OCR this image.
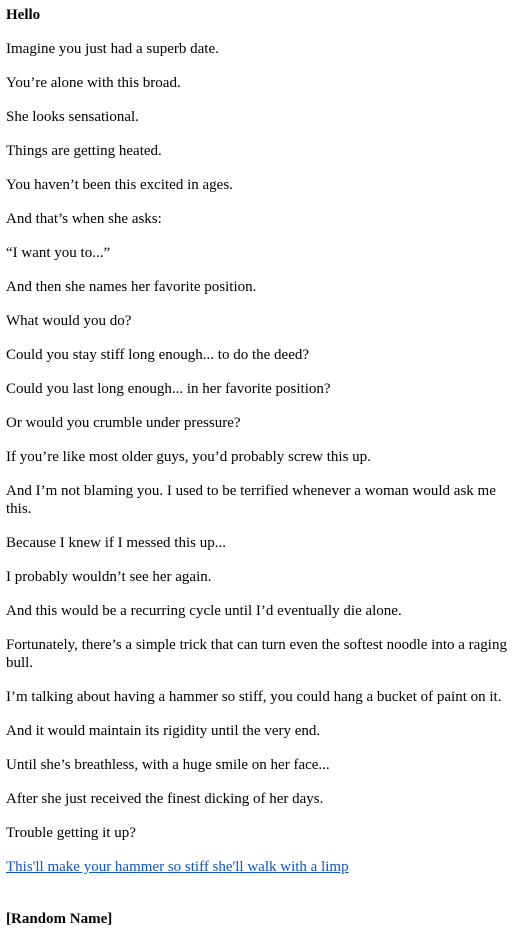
Hello

Imagine you just had a superb date.

You’re alone with this broad.

She looks sensational.

Things are getting heated.

You haven’t been this excited in ages.

And that’s when she asks:

“I want you to...”

And then she names her favorite position.

What would you do?

Could you stay stiff long enough... to do the deed?

Could you last long enough... in her favorite position?

Or would you crumble under pressure?

If you’re like most older guys, you’d probably screw this up.

And I’m not blaming you. I used to be terrified whenever a woman would ask me this.

Because I knew if I messed this up...

I probably wouldn’t see her again.

And this would be a recurring cycle until I’d eventually die alone.

Fortunately, there’s a simple trick that can turn even the softest noodle into a raging bull.

I’m talking about having a hammer so stiff, you could hang a bucket of paint on it.

And it would maintain its rigidity until the very end.

Until she’s breathless, with a huge smile on her face...

After she just received the finest dicking of her days.

Trouble getting it up?

This'll make your hammer so stiff she'll walk with a limp

[Random Name]
